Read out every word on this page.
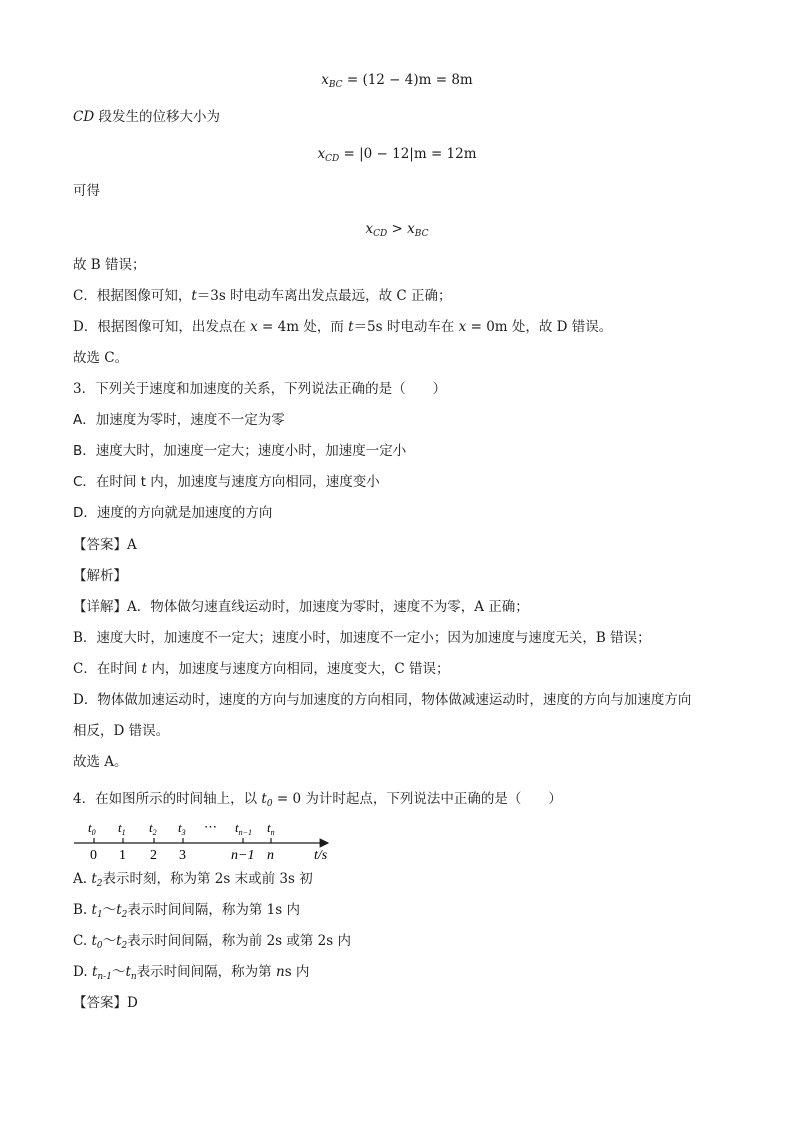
$x_{BC} = (12 - 4)m = 8m$
CD 段发生的位移大小为
$x_{CD} = |0 - 12|m = 12m$
可得
$x_{CD} > x_{BC}$
故 B 错误；
C．根据图像可知，t＝3s 时电动车离出发点最远，故 C 正确；
D．根据图像可知，出发点在 x = 4m 处，而 t＝5s 时电动车在 x = 0m 处，故 D 错误。
故选 C。
3．下列关于速度和加速度的关系，下列说法正确的是（　　）
A．加速度为零时，速度不一定为零
B．速度大时，加速度一定大；速度小时，加速度一定小
C．在时间 t 内，加速度与速度方向相同，速度变小
D．速度的方向就是加速度的方向
【答案】A
【解析】
【详解】A．物体做匀速直线运动时，加速度为零时，速度不为零，A 正确；
B．速度大时，加速度不一定大；速度小时，加速度不一定小；因为加速度与速度无关，B 错误；
C．在时间 t 内，加速度与速度方向相同，速度变大，C 错误；
D．物体做加速运动时，速度的方向与加速度的方向相同，物体做减速运动时，速度的方向与加速度方向
相反，D 错误。
故选 A。
4．在如图所示的时间轴上，以 $t_0 = 0$ 为计时起点，下列说法中正确的是（　　）
$t_0$ $t_1$ $t_2$ $t_3$ ⋯ $t_{n-1}$ $t_n$
0 1 2 3	n−1 n	t/s
A. $t_2$表示时刻，称为第 2s 末或前 3s 初
B. $t_1\sim t_2$表示时间间隔，称为第 1s 内
C. $t_0\sim t_2$表示时间间隔，称为前 2s 或第 2s 内
D. $t_{n-1}\sim t_n$表示时间间隔，称为第 ns 内
【答案】D
